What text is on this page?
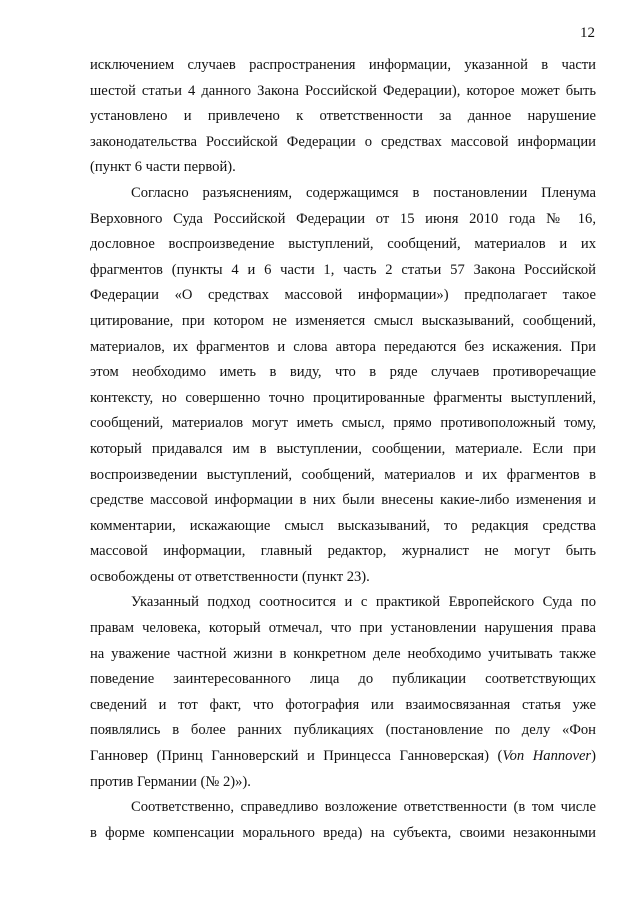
12
исключением случаев распространения информации, указанной в части
шестой статьи 4 данного Закона Российской Федерации), которое может быть
установлено и привлечено к ответственности за данное нарушение
законодательства Российской Федерации о средствах массовой информации
(пункт 6 части первой).
Согласно разъяснениям, содержащимся в постановлении Пленума
Верховного Суда Российской Федерации от 15 июня 2010 года № 16,
дословное воспроизведение выступлений, сообщений, материалов и их
фрагментов (пункты 4 и 6 части 1, часть 2 статьи 57 Закона Российской
Федерации «О средствах массовой информации») предполагает такое
цитирование, при котором не изменяется смысл высказываний, сообщений,
материалов, их фрагментов и слова автора передаются без искажения. При
этом необходимо иметь в виду, что в ряде случаев противоречащие
контексту, но совершенно точно процитированные фрагменты выступлений,
сообщений, материалов могут иметь смысл, прямо противоположный тому,
который придавался им в выступлении, сообщении, материале. Если при
воспроизведении выступлений, сообщений, материалов и их фрагментов в
средстве массовой информации в них были внесены какие-либо изменения и
комментарии, искажающие смысл высказываний, то редакция средства
массовой информации, главный редактор, журналист не могут быть
освобождены от ответственности (пункт 23).
Указанный подход соотносится и с практикой Европейского Суда по
правам человека, который отмечал, что при установлении нарушения права
на уважение частной жизни в конкретном деле необходимо учитывать также
поведение заинтересованного лица до публикации соответствующих
сведений и тот факт, что фотография или взаимосвязанная статья уже
появлялись в более ранних публикациях (постановление по делу «Фон
Ганновер (Принц Ганноверский и Принцесса Ганноверская) (Von Hannover)
против Германии (№ 2)»).
Соответственно, справедливо возложение ответственности (в том числе
в форме компенсации морального вреда) на субъекта, своими незаконными
